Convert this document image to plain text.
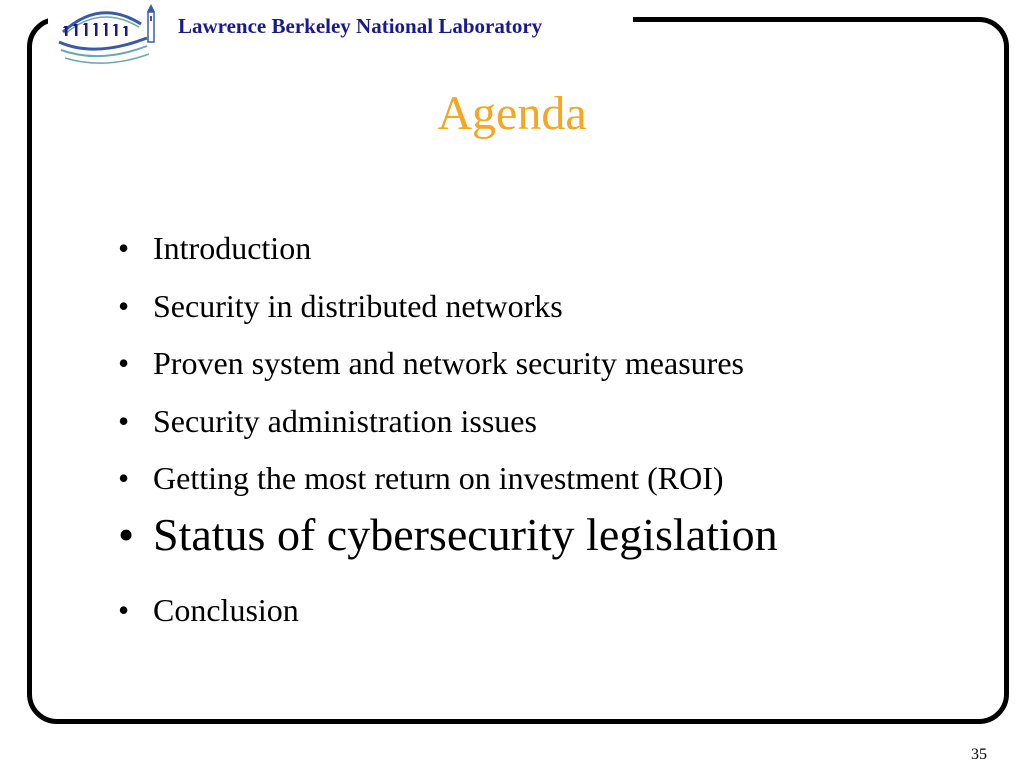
Lawrence Berkeley National Laboratory
Agenda
• Introduction
• Security in distributed networks
• Proven system and network security measures
• Security administration issues
• Getting the most return on investment (ROI)
• Status of cybersecurity legislation
• Conclusion
35
